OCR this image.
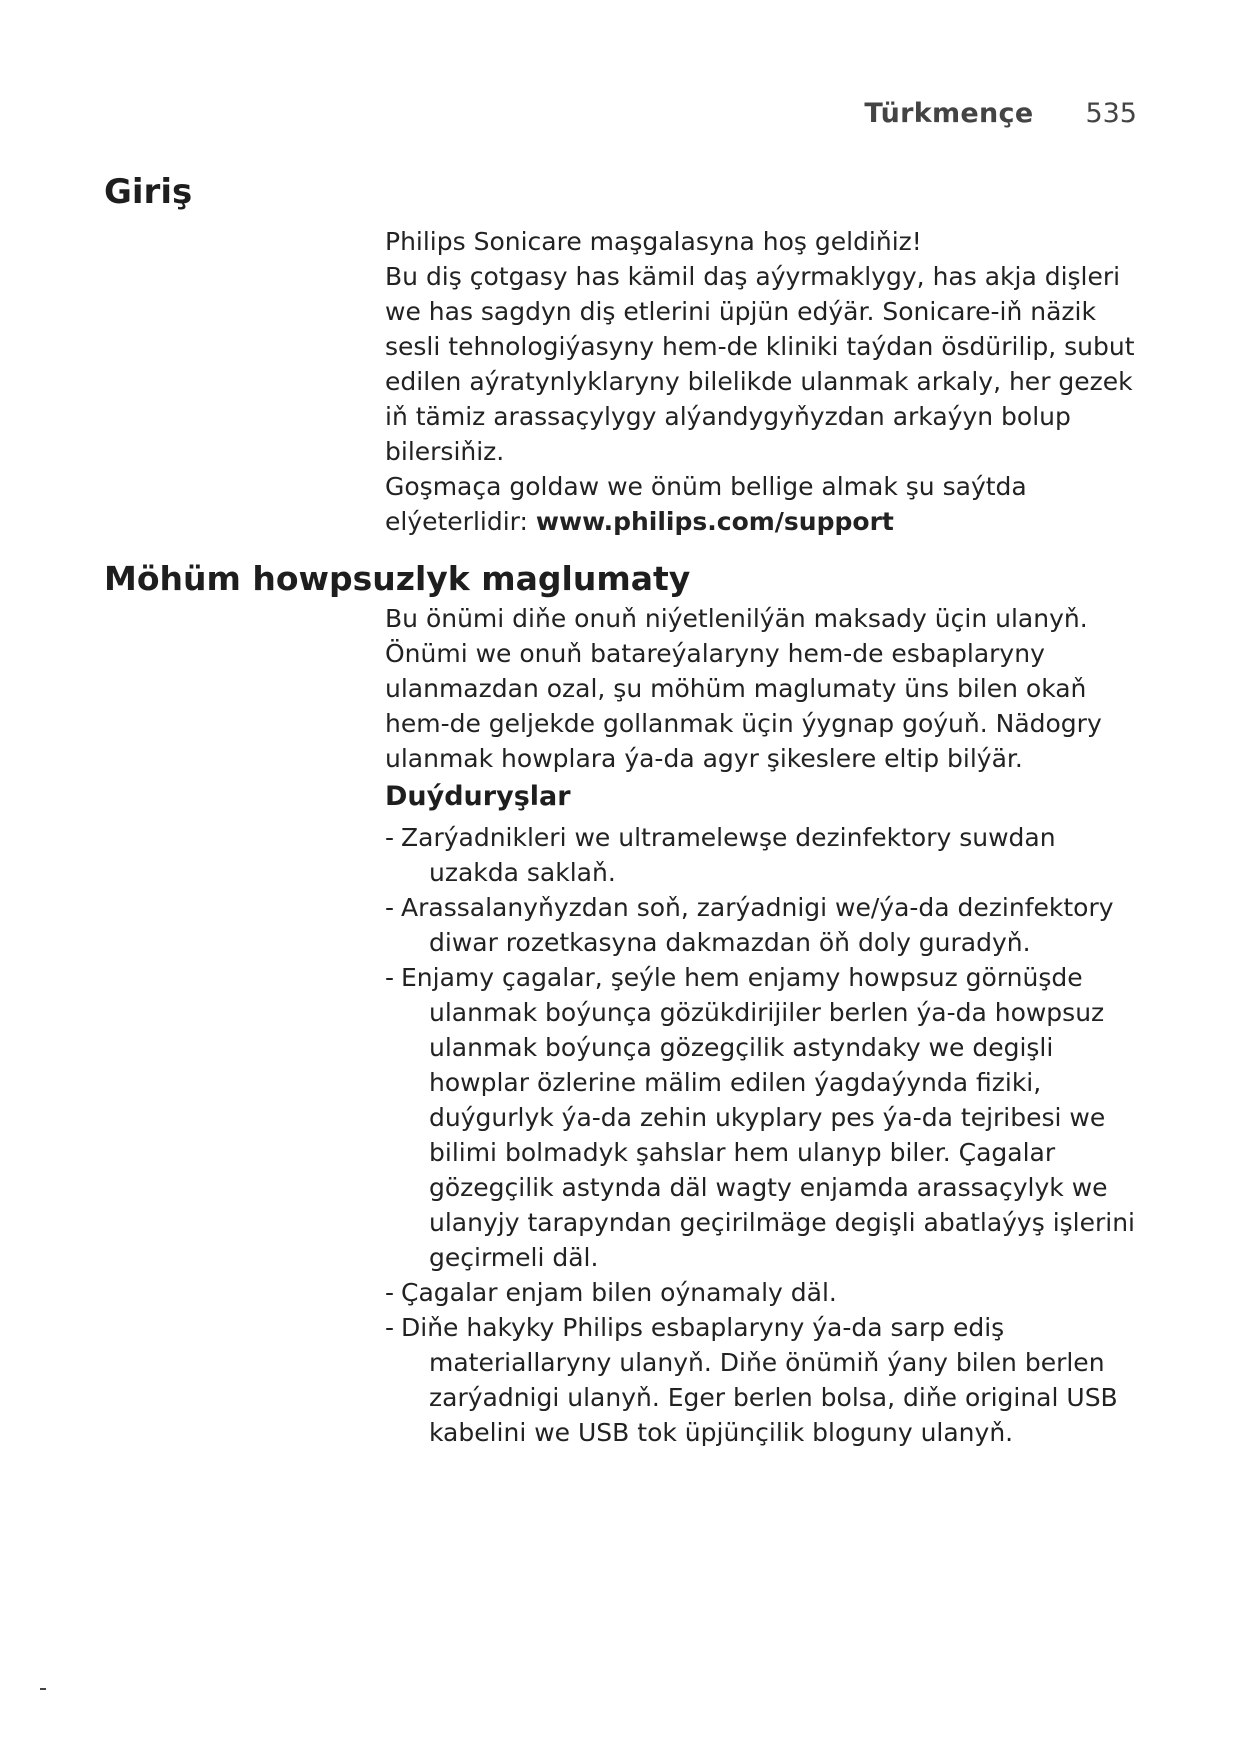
Türkmençe 535
Giriş

Philips Sonicare maşgalasyna hoş geldiňiz!

Bu diş çotgasy has kämil daş aýyrmaklygy, has akja dişleri we has sagdyn diş etlerini üpjün edýär. Sonicare-iň näzik sesli tehnologiýasyny hem-de kliniki taýdan ösdürilip, subut edilen aýratynlyklaryny bilelikde ulanmak arkaly, her gezek iň tämiz arassaçylygy alýandygyňyzdan arkaýyn bolup bilersiňiz.

Goşmaça goldaw we önüm bellige almak şu saýtda elýeterlidir: www.philips.com/support

Möhüm howpsuzlyk maglumaty

Bu önümi diňe onuň niýetlenilýän maksady üçin ulanyň. Önümi we onuň batareýalaryny hem-de esbaplaryny ulanmazdan ozal, şu möhüm maglumaty üns bilen okaň hem-de geljekde gollanmak üçin ýygnap goýuň. Nädogry ulanmak howplara ýa-da agyr şikeslere eltip bilýär.

Duýduryşlar
- Zarýadnikleri we ultramelewşe dezinfektory suwdan uzakda saklaň.
- Arassalanyňyzdan soň, zarýadnigi we/ýa-da dezinfektory diwar rozetkasyna dakmazdan öň doly guradyň.
- Enjamy çagalar, şeýle hem enjamy howpsuz görnüşde ulanmak boýunça gözükdirijiler berlen ýa-da howpsuz ulanmak boýunça gözegçilik astyndaky we degişli howplar özlerine mälim edilen ýagdaýynda fiziki, duýgurlyk ýa-da zehin ukyplary pes ýa-da tejribesi we bilimi bolmadyk şahslar hem ulanyp biler. Çagalar gözegçilik astynda däl wagty enjamda arassaçylyk we ulanyjy tarapyndan geçirilmäge degişli abatlaýyş işlerini geçirmeli däl.
- Çagalar enjam bilen oýnamaly däl.
- Diňe hakyky Philips esbaplaryny ýa-da sarp ediş materiallaryny ulanyň. Diňe önümiň ýany bilen berlen zarýadnigi ulanyň. Eger berlen bolsa, diňe original USB kabelini we USB tok üpjünçilik bloguny ulanyň.
